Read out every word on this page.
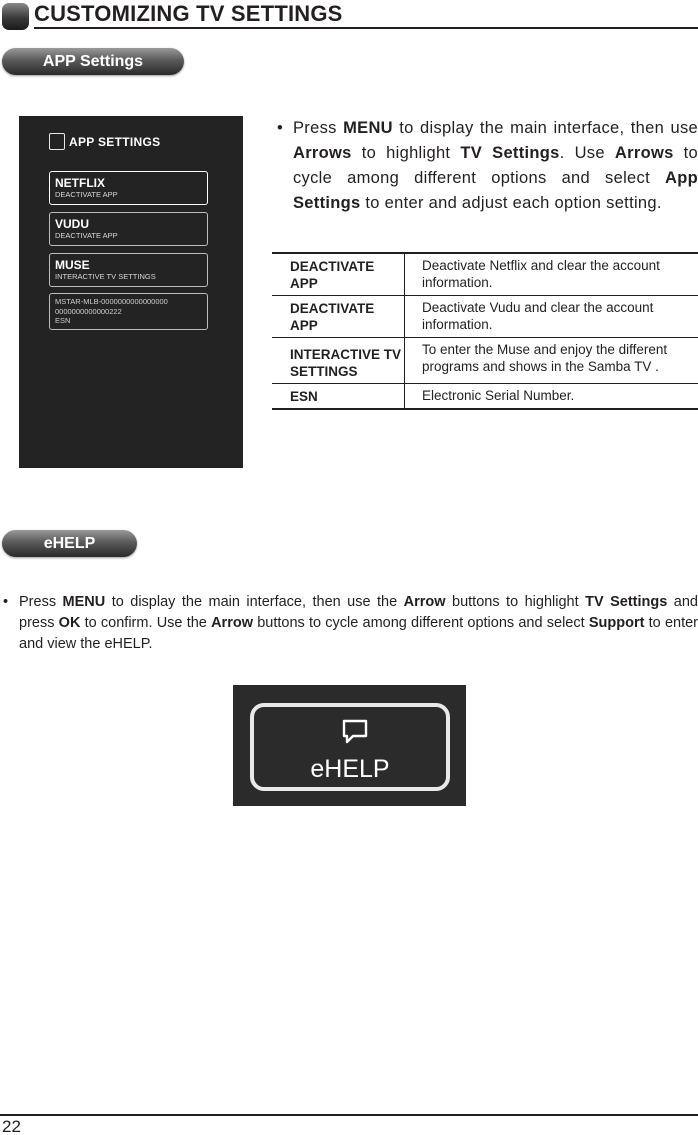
CUSTOMIZING TV SETTINGS
APP Settings
APP SETTINGS
NETFLIX
DEACTIVATE APP
VUDU
DEACTIVATE APP
MUSE
INTERACTIVE TV SETTINGS
MSTAR-MLB-0000000000000000
0000000000000222
ESN
• Press MENU to display the main interface, then use Arrows to highlight TV Settings. Use Arrows to cycle among different options and select App Settings to enter and adjust each option setting.
DEACTIVATE APP
Deactivate Netflix and clear the account information.
DEACTIVATE APP
Deactivate Vudu and clear the account information.
INTERACTIVE TV SETTINGS
To enter the Muse and enjoy the different programs and shows in the Samba TV .
ESN	Electronic Serial Number.
eHELP
• Press MENU to display the main interface, then use the Arrow buttons to highlight TV Settings and press OK to confirm. Use the Arrow buttons to cycle among different options and select Support to enter and view the eHELP.
eHELP
22
